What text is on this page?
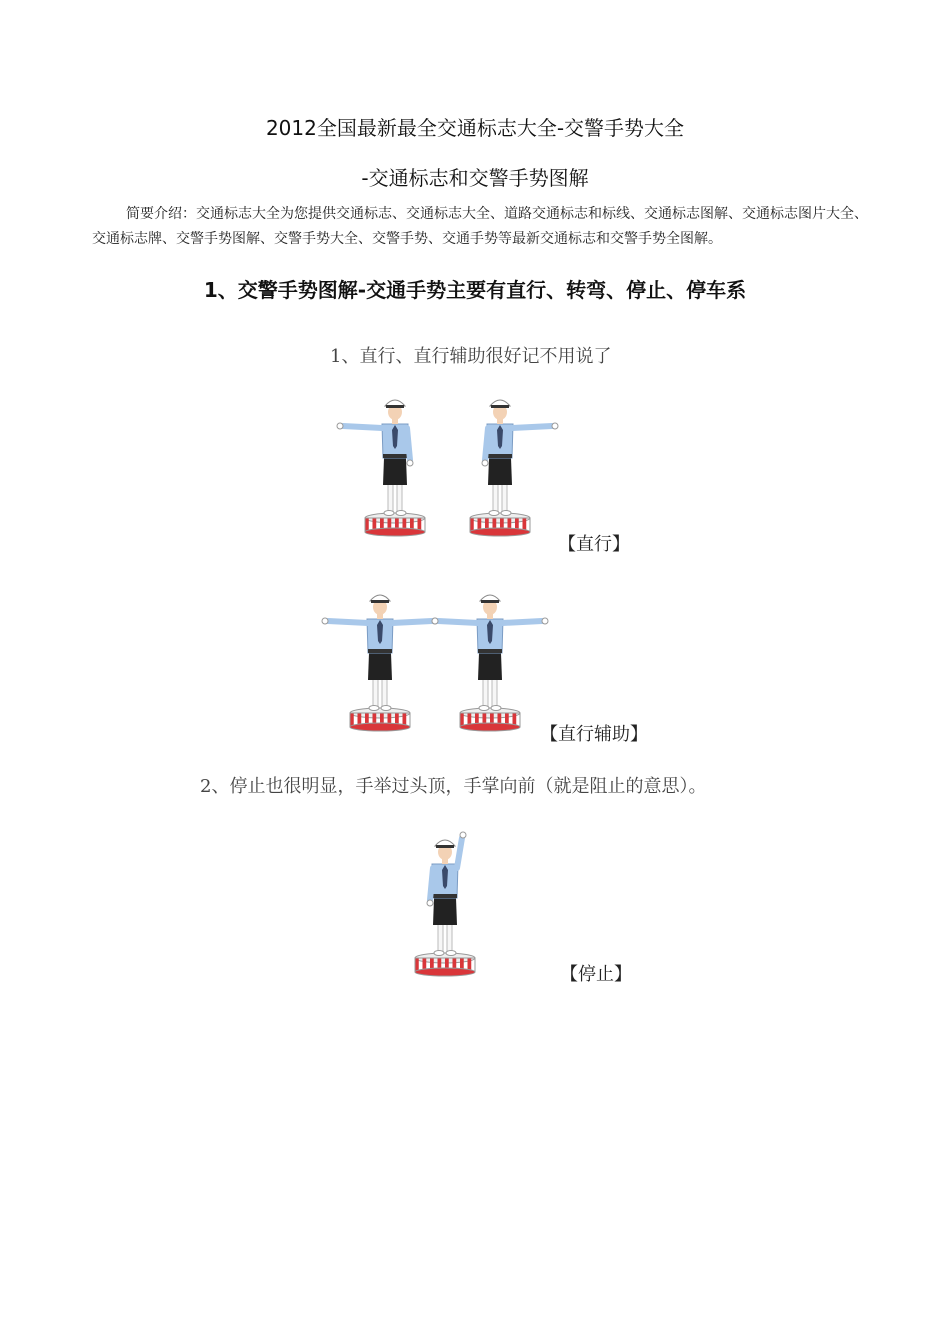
2012全国最新最全交通标志大全-交警手势大全
-交通标志和交警手势图解
简要介绍：交通标志大全为您提供交通标志、交通标志大全、道路交通标志和标线、交通标志图解、交通标志图片大全、交通标志牌、交警手势图解、交警手势大全、交警手势、交通手势等最新交通标志和交警手势全图解。
1、交警手势图解-交通手势主要有直行、转弯、停止、停车系
1、直行、直行辅助很好记不用说了
【直行】
【直行辅助】
2、停止也很明显，手举过头顶，手掌向前（就是阻止的意思）。
【停止】
